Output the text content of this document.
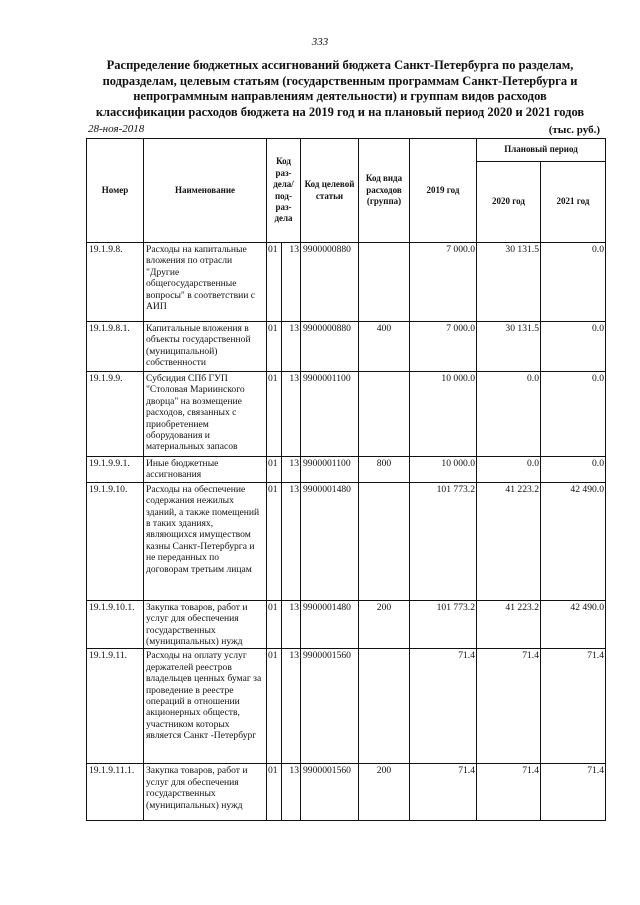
333
Распределение бюджетных ассигнований бюджета Санкт-Петербурга по разделам, подразделам, целевым статьям (государственным программам Санкт-Петербурга и непрограммным направлениям деятельности) и группам видов расходов классификации расходов бюджета на 2019 год и на плановый период 2020 и 2021 годов
28-ноя-2018	(тыс. руб.)
Номер	Наименование	Код раз- дела/ под- раз- дела		Код целевой статьи	Код вида расходов (группа)	2019 год	Плановый период	
							2020 год	2021 год
19.1.9.8.	Расходы на капитальные вложения по отрасли "Другие общегосударственные вопросы" в соответствии с АИП	01	13	9900000880		7 000.0	30 131.5	0.0
19.1.9.8.1.	Капитальные вложения в объекты государственной (муниципальной) собственности	01	13	9900000880	400	7 000.0	30 131.5	0.0
19.1.9.9.	Субсидия СПб ГУП "Столовая Мариинского дворца" на возмещение расходов, связанных с приобретением оборудования и материальных запасов	01	13	9900001100		10 000.0	0.0	0.0
19.1.9.9.1.	Иные бюджетные ассигнования	01	13	9900001100	800	10 000.0	0.0	0.0
19.1.9.10.	Расходы на обеспечение содержания нежилых зданий, а также помещений в таких зданиях, являющихся имуществом казны Санкт-Петербурга и не переданных по договорам третьим лицам	01	13	9900001480		101 773.2	41 223.2	42 490.0
19.1.9.10.1.	Закупка товаров, работ и услуг для обеспечения государственных (муниципальных) нужд	01	13	9900001480	200	101 773.2	41 223.2	42 490.0
19.1.9.11.	Расходы на оплату услуг держателей реестров владельцев ценных бумаг за проведение в реестре операций в отношении акционерных обществ, участником которых является Санкт -Петербург	01	13	9900001560		71.4	71.4	71.4
19.1.9.11.1.	Закупка товаров, работ и услуг для обеспечения государственных (муниципальных) нужд	01	13	9900001560	200	71.4	71.4	71.4
